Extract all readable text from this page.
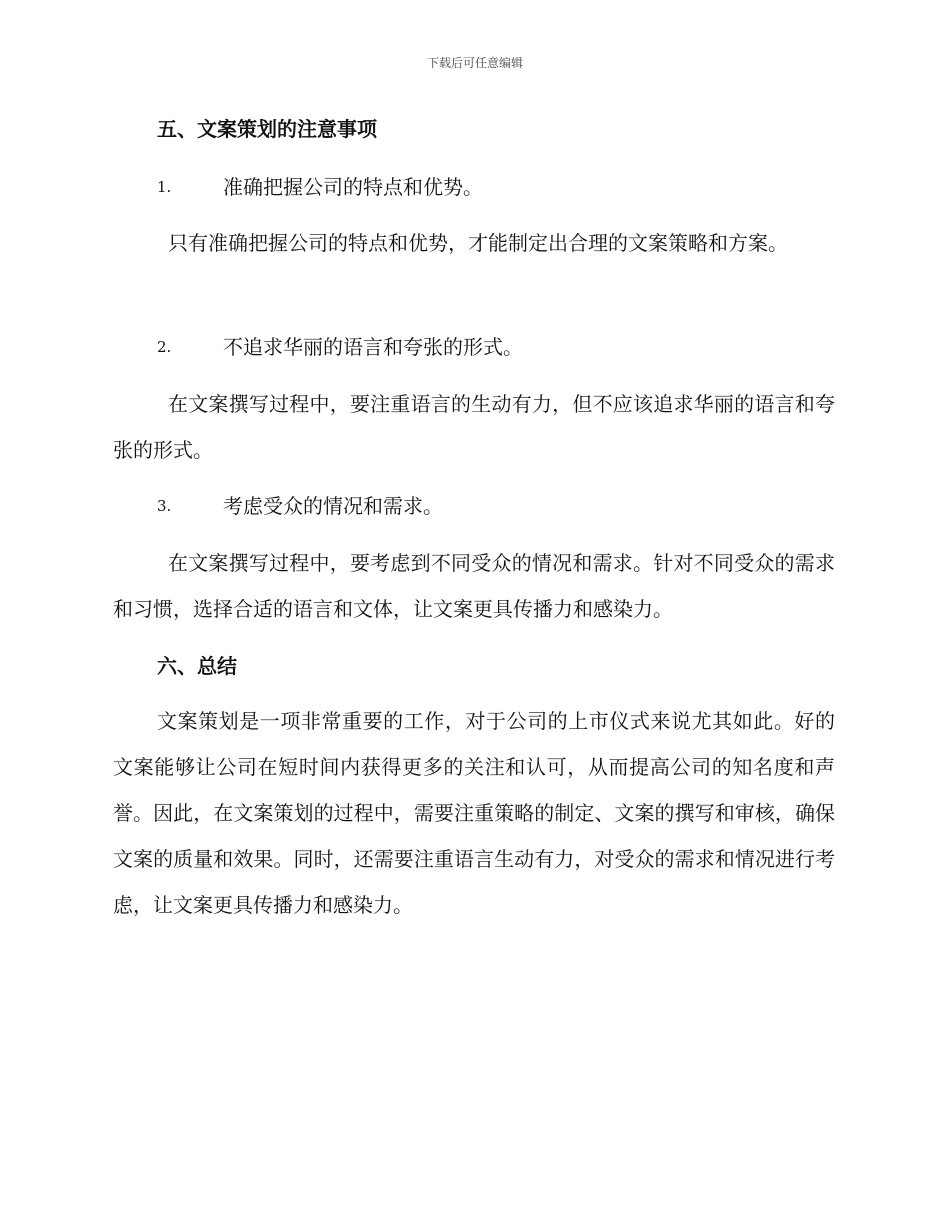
下载后可任意编辑
五、文案策划的注意事项
1.	准确把握公司的特点和优势。

只有准确把握公司的特点和优势，才能制定出合理的文案策略和方案。

2.	不追求华丽的语言和夸张的形式。

在文案撰写过程中，要注重语言的生动有力，但不应该追求华丽的语言和夸张的形式。

3.	考虑受众的情况和需求。

在文案撰写过程中，要考虑到不同受众的情况和需求。针对不同受众的需求和习惯，选择合适的语言和文体，让文案更具传播力和感染力。

六、总结

文案策划是一项非常重要的工作，对于公司的上市仪式来说尤其如此。好的文案能够让公司在短时间内获得更多的关注和认可，从而提高公司的知名度和声誉。因此，在文案策划的过程中，需要注重策略的制定、文案的撰写和审核，确保文案的质量和效果。同时，还需要注重语言生动有力，对受众的需求和情况进行考虑，让文案更具传播力和感染力。
